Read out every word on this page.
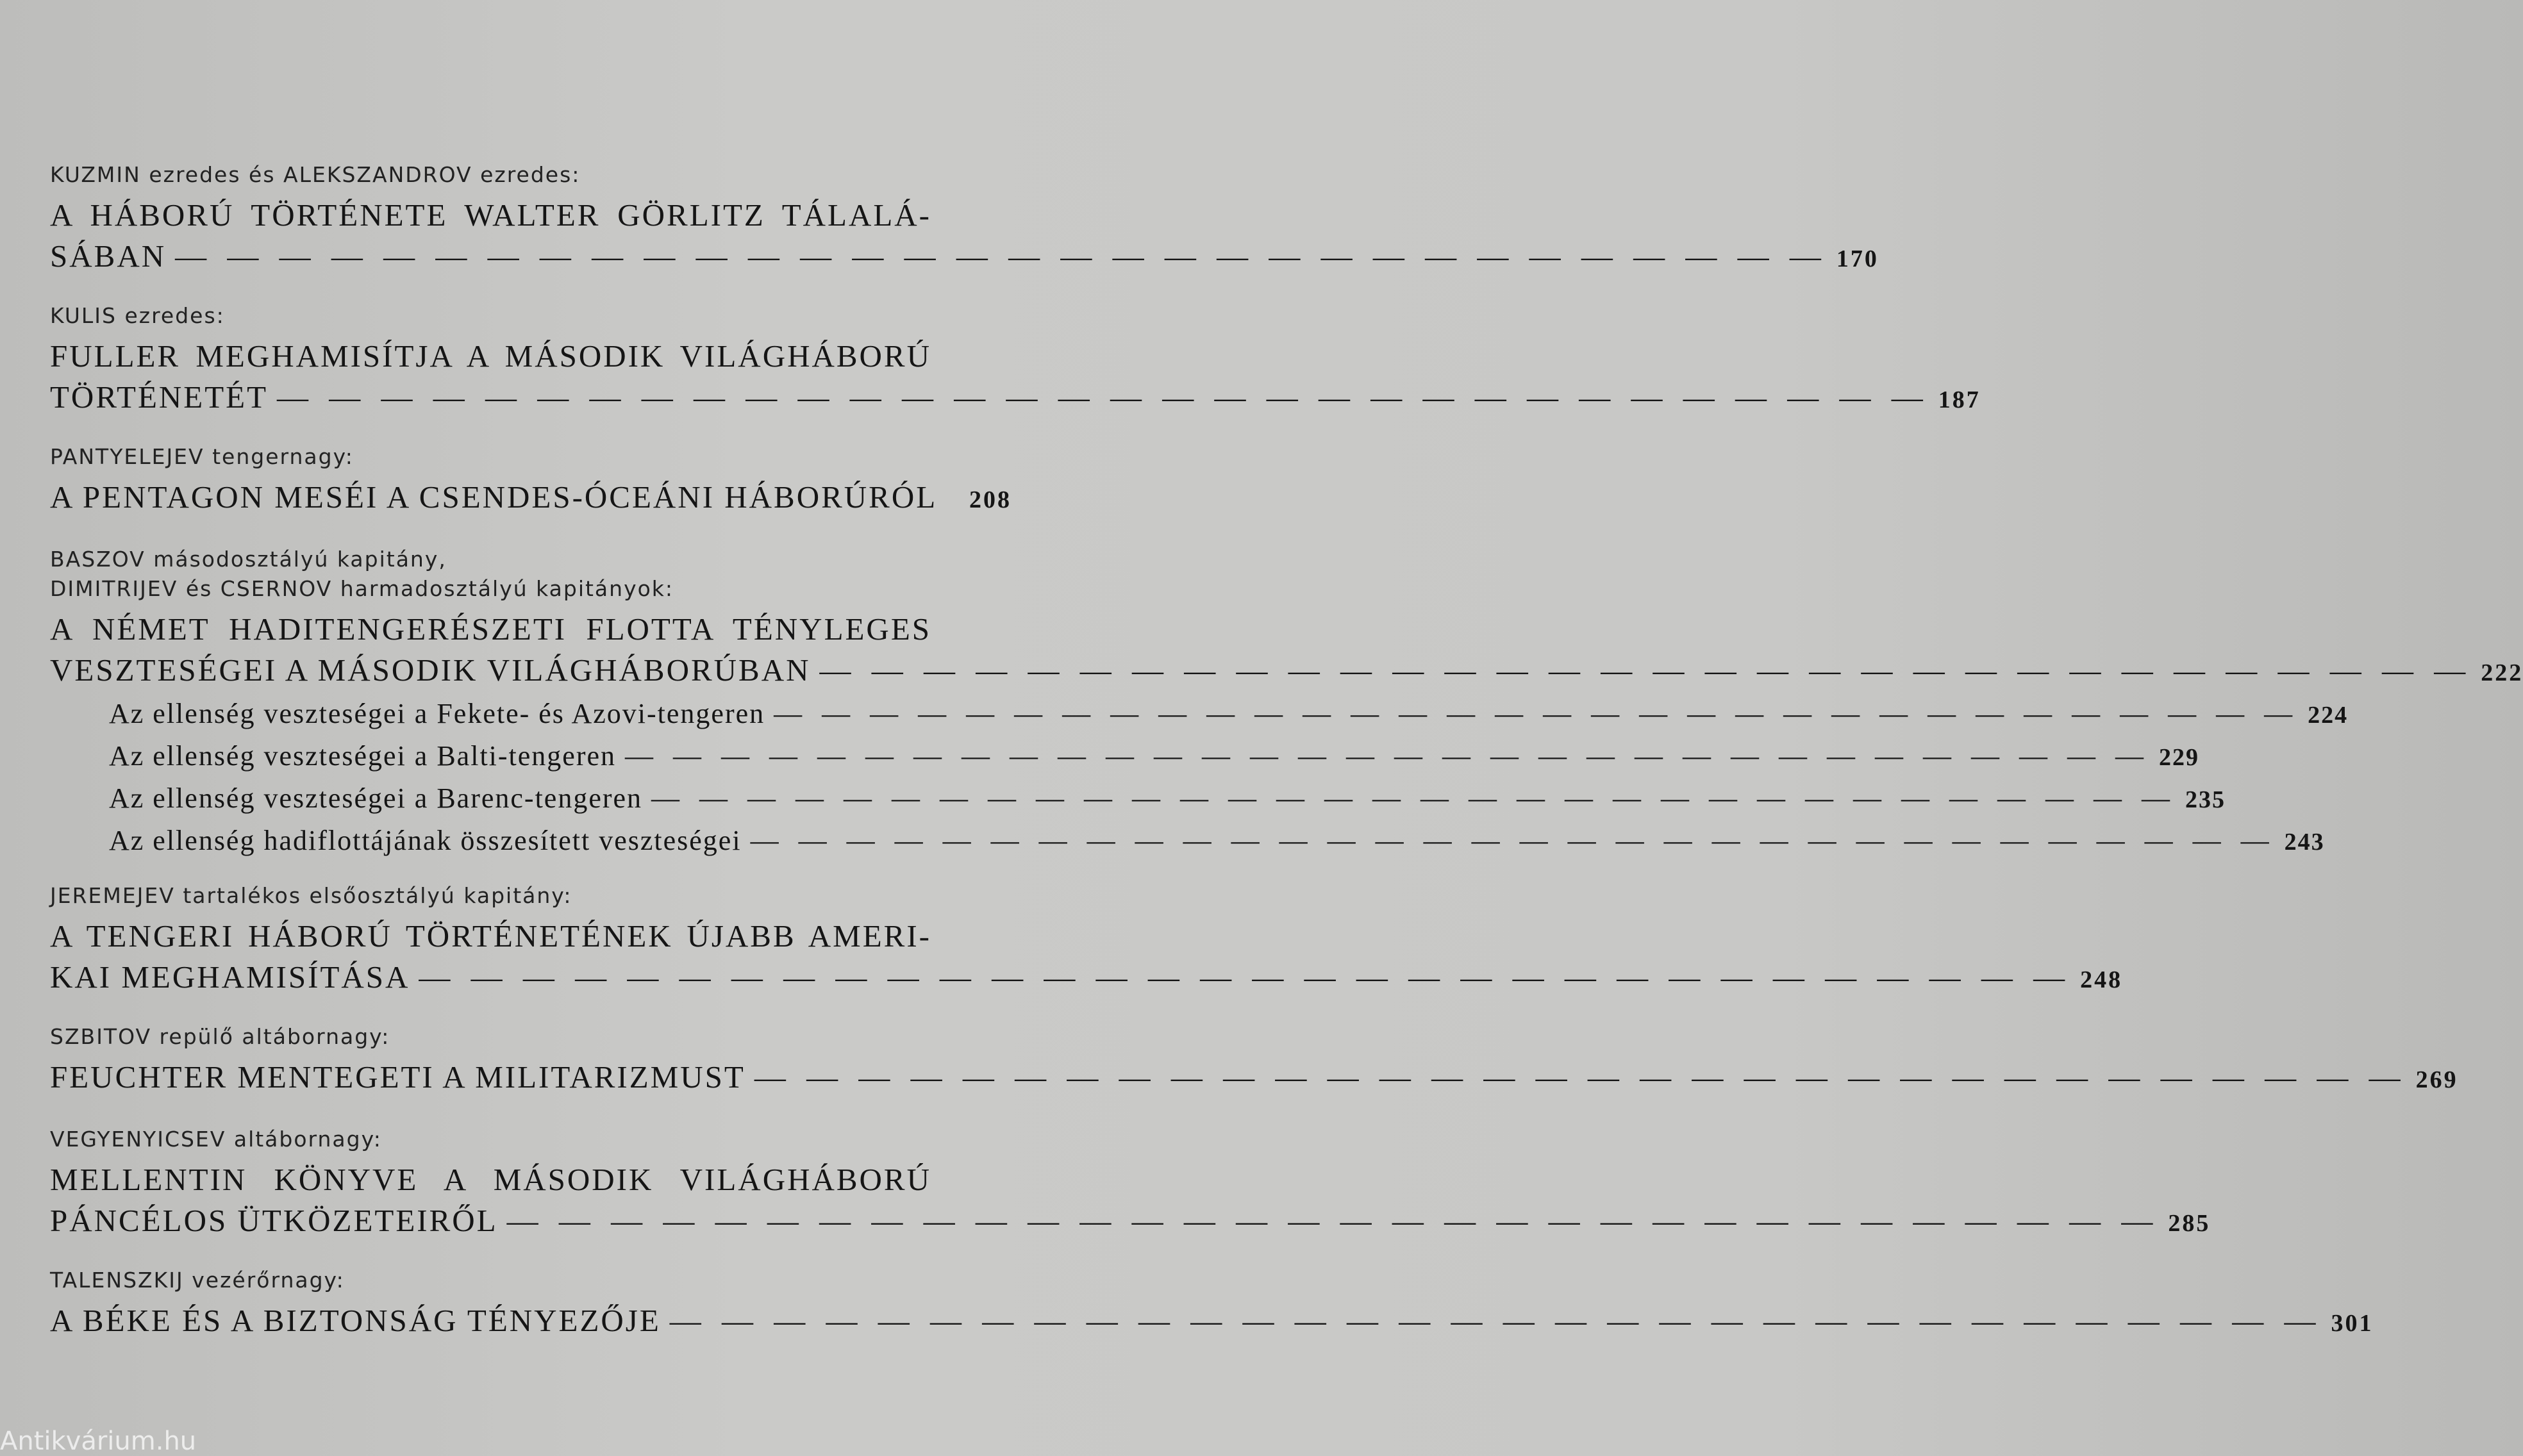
KUZMIN ezredes és ALEKSZANDROV ezredes:
A HÁBORÚ TÖRTÉNETE WALTER GÖRLITZ TÁLALÁ-
SÁBAN — — — — — — — — — — — — — — — — — — — — — — — — — — — — — — — — 170
KULIS ezredes:
FULLER MEGHAMISÍTJA A MÁSODIK VILÁGHÁBORÚ
TÖRTÉNETÉT — — — — — — — — — — — — — — — — — — — — — — — — — — — — — — — — 187
PANTYELEJEV tengernagy:
A PENTAGON MESÉI A CSENDES-ÓCEÁNI HÁBORÚRÓL	208
BASZOV másodosztályú kapitány,
DIMITRIJEV és CSERNOV harmadosztályú kapitányok:
A NÉMET HADITENGERÉSZETI FLOTTA TÉNYLEGES
VESZTESÉGEI A MÁSODIK VILÁGHÁBORÚBAN — — — — — — — — — — — — — — — — — — — — — — — — — — — — — — — — 222
Az ellenség veszteségei a Fekete- és Azovi-tengeren — — — — — — — — — — — — — — — — — — — — — — — — — — — — — — — — 224
Az ellenség veszteségei a Balti-tengeren — — — — — — — — — — — — — — — — — — — — — — — — — — — — — — — — 229
Az ellenség veszteségei a Barenc-tengeren — — — — — — — — — — — — — — — — — — — — — — — — — — — — — — — — 235
Az ellenség hadiflottájának összesített veszteségei — — — — — — — — — — — — — — — — — — — — — — — — — — — — — — — — 243
JEREMEJEV tartalékos elsőosztályú kapitány:
A TENGERI HÁBORÚ TÖRTÉNETÉNEK ÚJABB AMERI-
KAI MEGHAMISÍTÁSA — — — — — — — — — — — — — — — — — — — — — — — — — — — — — — — — 248
SZBITOV repülő altábornagy:
FEUCHTER MENTEGETI A MILITARIZMUST — — — — — — — — — — — — — — — — — — — — — — — — — — — — — — — — 269
VEGYENYICSEV altábornagy:
MELLENTIN KÖNYVE A MÁSODIK VILÁGHÁBORÚ
PÁNCÉLOS ÜTKÖZETEIRŐL — — — — — — — — — — — — — — — — — — — — — — — — — — — — — — — — 285
TALENSZKIJ vezérőrnagy:
A BÉKE ÉS A BIZTONSÁG TÉNYEZŐJE — — — — — — — — — — — — — — — — — — — — — — — — — — — — — — — — 301
Antikvárium.hu
